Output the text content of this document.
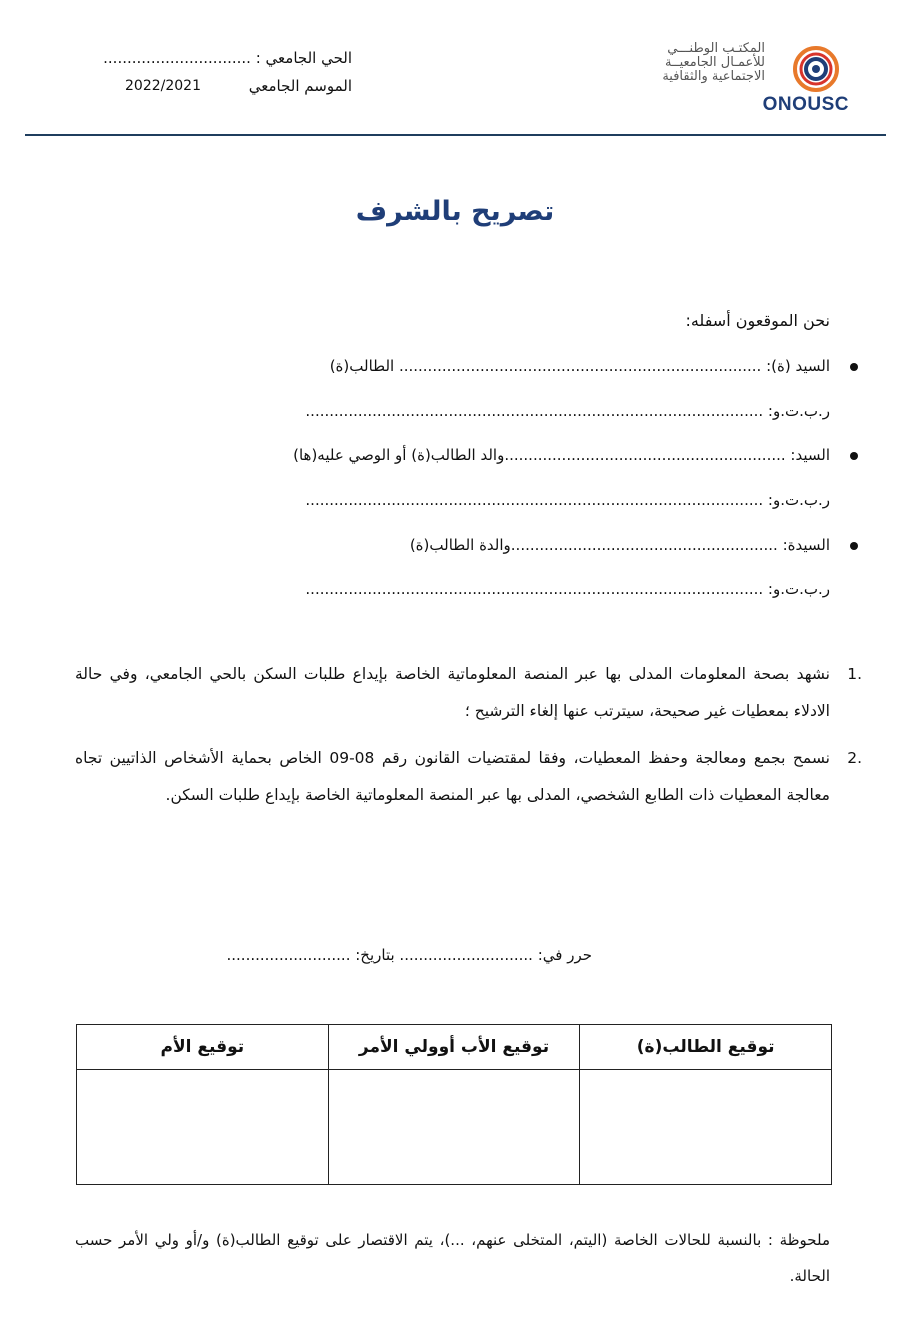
المكتـب الوطنـــي
للأعمـال الجامعيــة
الاجتماعية والثقافية
ONOUSC
الحي الجامعي : ...............................
الموسم الجامعي
2022/2021
تصريح بالشرف
نحن الموقعون أسفله:
السيد (ة): ............................................................................ الطالب(ة)
ر.ب.ت.و: ................................................................................................
السيد: ...........................................................والد الطالب(ة) أو الوصي عليه(ها)
ر.ب.ت.و: ................................................................................................
السيدة: ........................................................والدة الطالب(ة)
ر.ب.ت.و: ................................................................................................
.1
نشهد بصحة المعلومات المدلى بها عبر المنصة المعلوماتية الخاصة بإيداع طلبات السكن بالحي الجامعي، وفي حالة الادلاء بمعطيات غير صحيحة، سيترتب عنها إلغاء الترشيح ؛
.2
نسمح بجمع ومعالجة وحفظ المعطيات، وفقا لمقتضيات القانون رقم 08-09 الخاص بحماية الأشخاص الذاتيين تجاه معالجة المعطيات ذات الطابع الشخصي، المدلى بها عبر المنصة المعلوماتية الخاصة بإيداع طلبات السكن.
حرر في: ............................ بتاريخ: ..........................
توقيع الطالب(ة)	توقيع الأب أوولي الأمر	توقيع الأم

ملحوظة : بالنسبة للحالات الخاصة (اليتم، المتخلى عنهم، ...)، يتم الاقتصار على توقيع الطالب(ة) و/أو ولي الأمر حسب الحالة.
